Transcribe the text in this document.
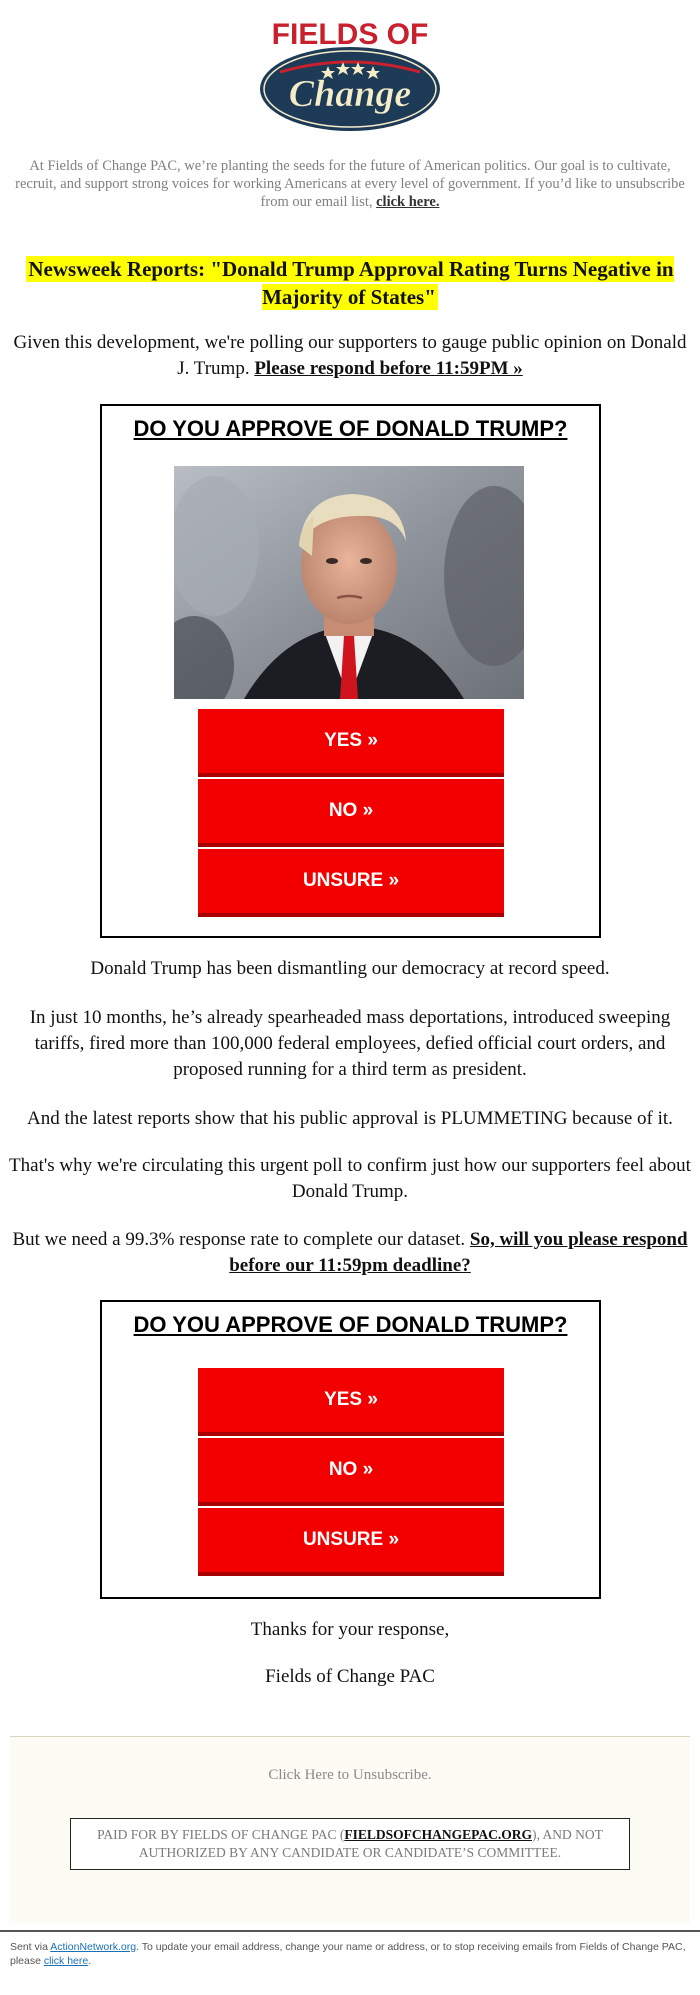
FIELDS OF
Change
At Fields of Change PAC, we’re planting the seeds for the future of American politics. Our goal is to cultivate, recruit, and support strong voices for working Americans at every level of government. If you’d like to unsubscribe from our email list, click here.
Newsweek Reports: "Donald Trump Approval Rating Turns Negative in Majority of States"
Given this development, we're polling our supporters to gauge public opinion on Donald J. Trump. Please respond before 11:59PM »
DO YOU APPROVE OF DONALD TRUMP?
YES »
NO »
UNSURE »
Donald Trump has been dismantling our democracy at record speed.
In just 10 months, he’s already spearheaded mass deportations, introduced sweeping tariffs, fired more than 100,000 federal employees, defied official court orders, and proposed running for a third term as president.
And the latest reports show that his public approval is PLUMMETING because of it.
That's why we're circulating this urgent poll to confirm just how our supporters feel about Donald Trump.
But we need a 99.3% response rate to complete our dataset. So, will you please respond before our 11:59pm deadline?
DO YOU APPROVE OF DONALD TRUMP?
YES »
NO »
UNSURE »
Thanks for your response,
Fields of Change PAC
Click Here to Unsubscribe.
PAID FOR BY FIELDS OF CHANGE PAC (FIELDSOFCHANGEPAC.ORG), AND NOT AUTHORIZED BY ANY CANDIDATE OR CANDIDATE’S COMMITTEE.
Sent via ActionNetwork.org. To update your email address, change your name or address, or to stop receiving emails from Fields of Change PAC, please click here.
